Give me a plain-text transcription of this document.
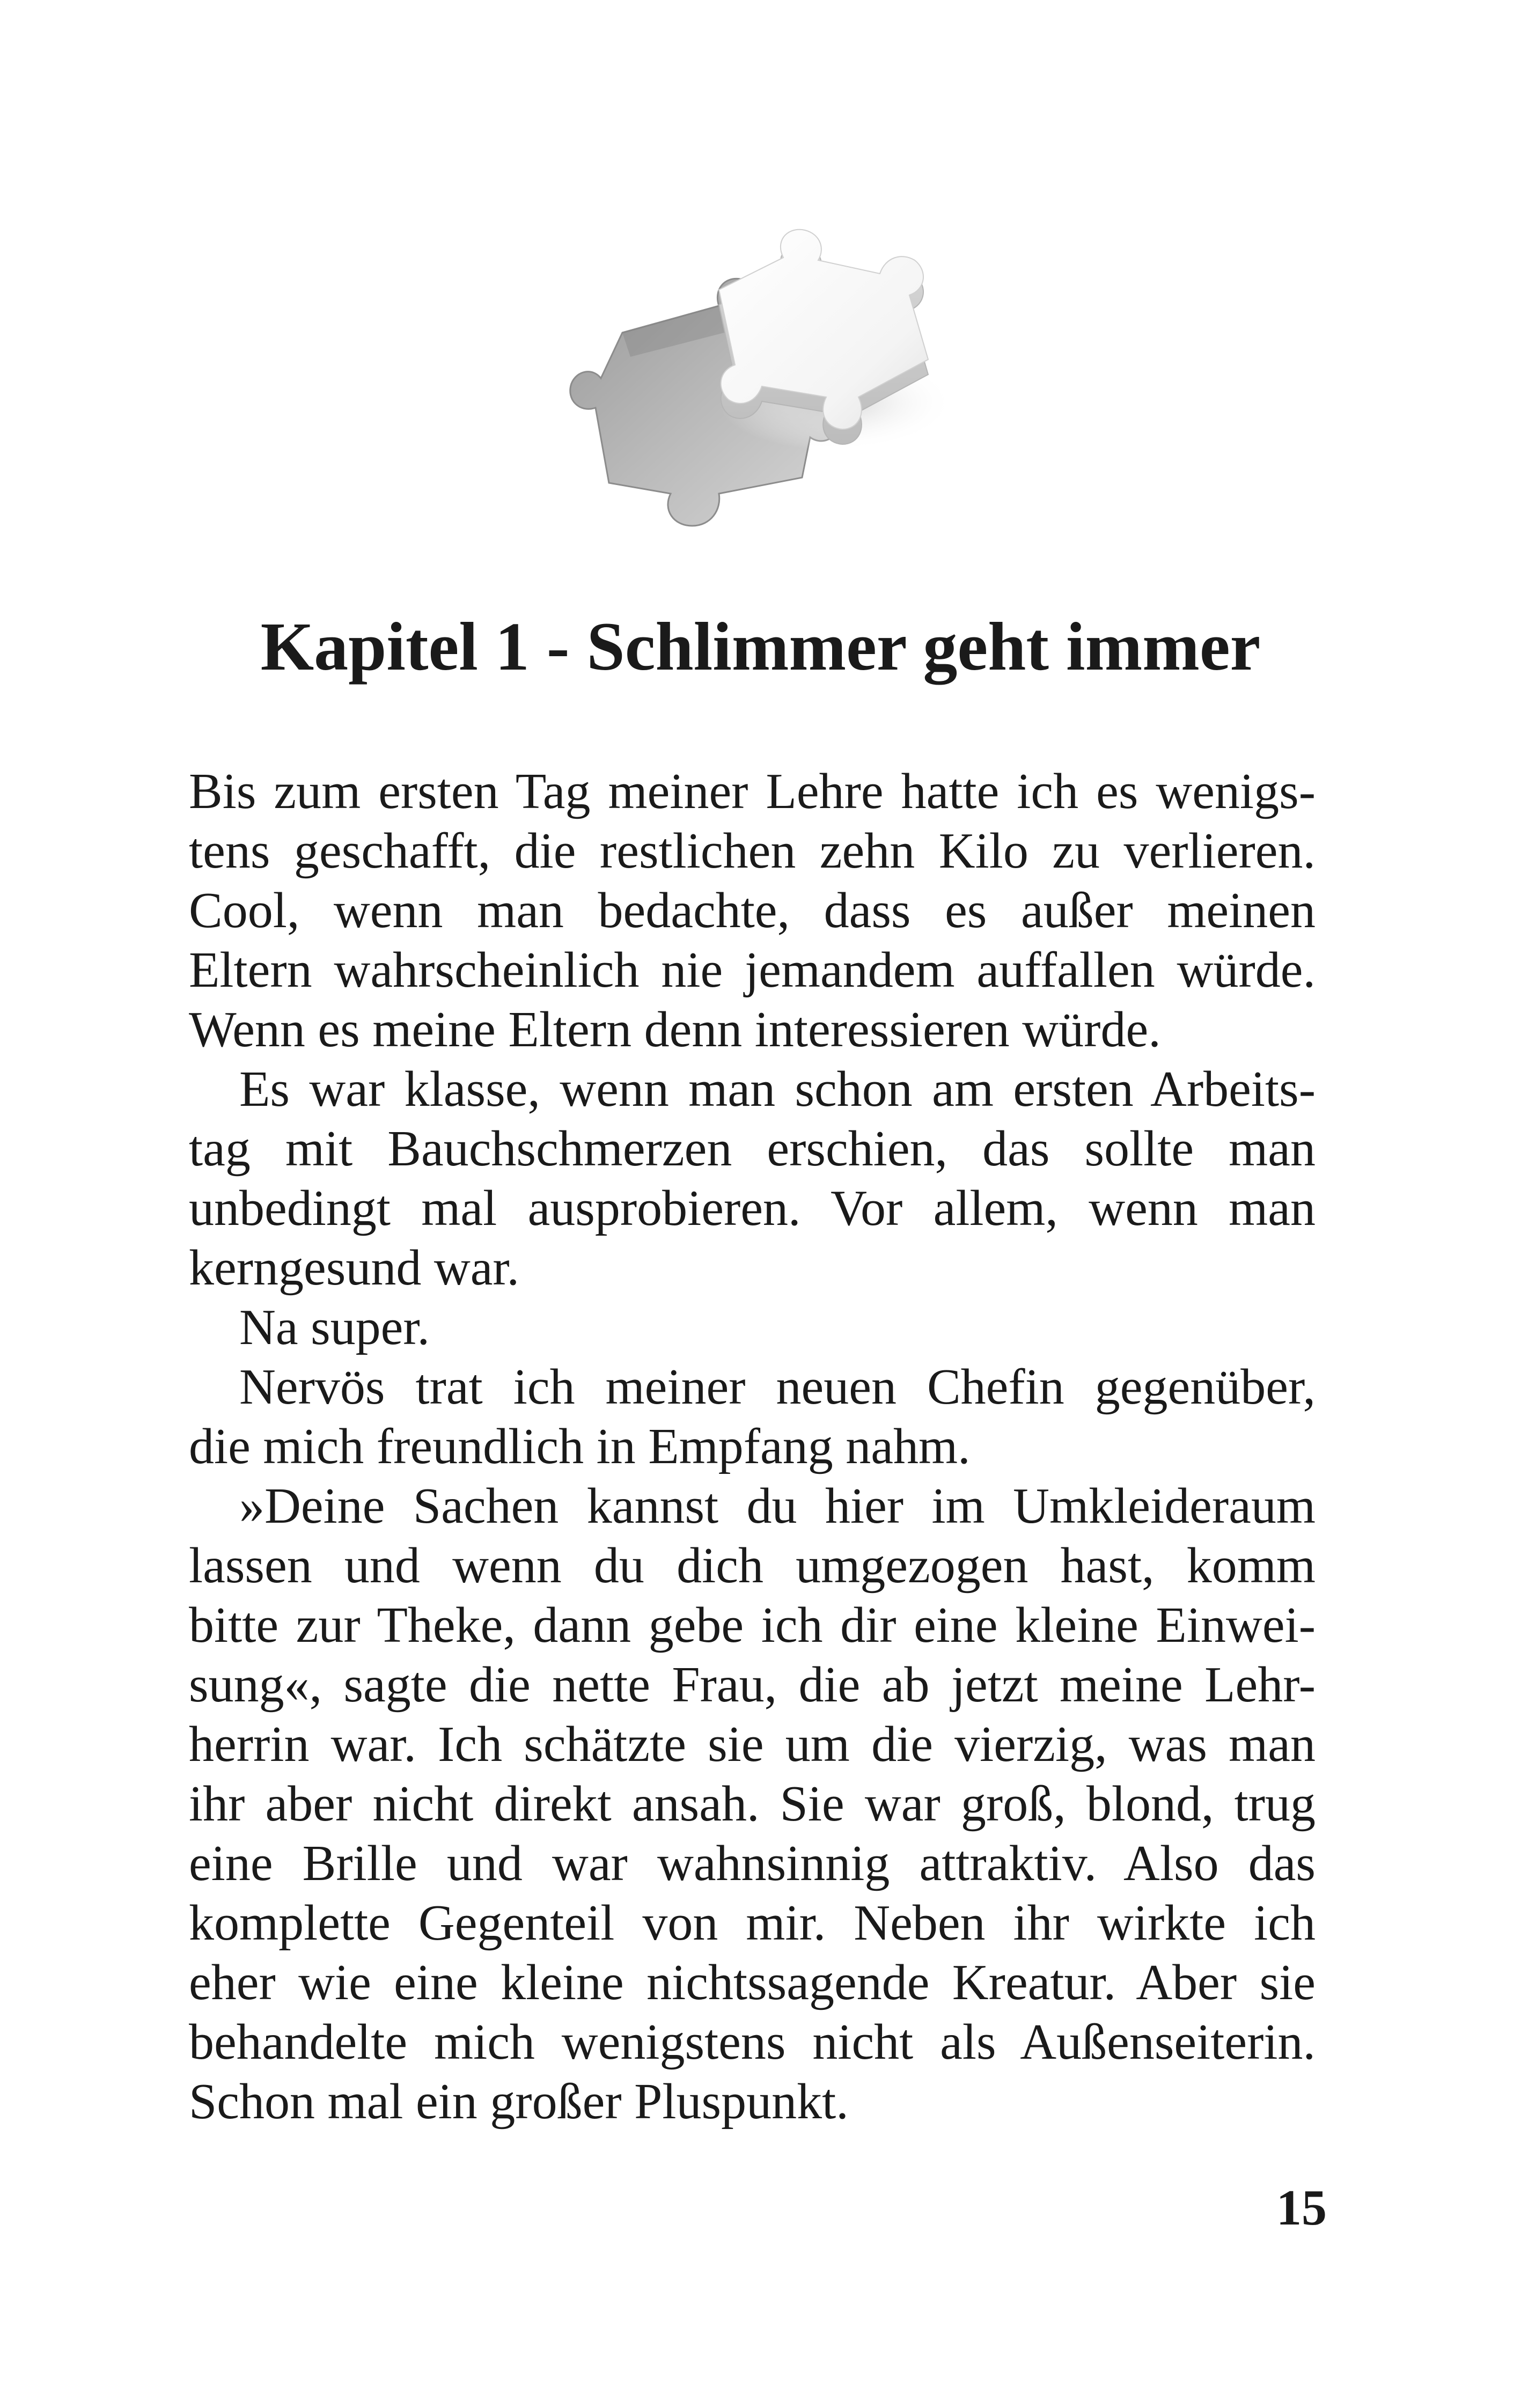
Kapitel 1 - Schlimmer geht immer
Bis zum ersten Tag meiner Lehre hatte ich es wenigs-
tens geschafft, die restlichen zehn Kilo zu verlieren.
Cool, wenn man bedachte, dass es außer meinen
Eltern wahrscheinlich nie jemandem auffallen würde.
Wenn es meine Eltern denn interessieren würde.
Es war klasse, wenn man schon am ersten Arbeits-
tag mit Bauchschmerzen erschien, das sollte man
unbedingt mal ausprobieren. Vor allem, wenn man
kerngesund war.
Na super.
Nervös trat ich meiner neuen Chefin gegenüber,
die mich freundlich in Empfang nahm.
»Deine Sachen kannst du hier im Umkleideraum
lassen und wenn du dich umgezogen hast, komm
bitte zur Theke, dann gebe ich dir eine kleine Einwei-
sung«, sagte die nette Frau, die ab jetzt meine Lehr-
herrin war. Ich schätzte sie um die vierzig, was man
ihr aber nicht direkt ansah. Sie war groß, blond, trug
eine Brille und war wahnsinnig attraktiv. Also das
komplette Gegenteil von mir. Neben ihr wirkte ich
eher wie eine kleine nichtssagende Kreatur. Aber sie
behandelte mich wenigstens nicht als Außenseiterin.
Schon mal ein großer Pluspunkt.
15
